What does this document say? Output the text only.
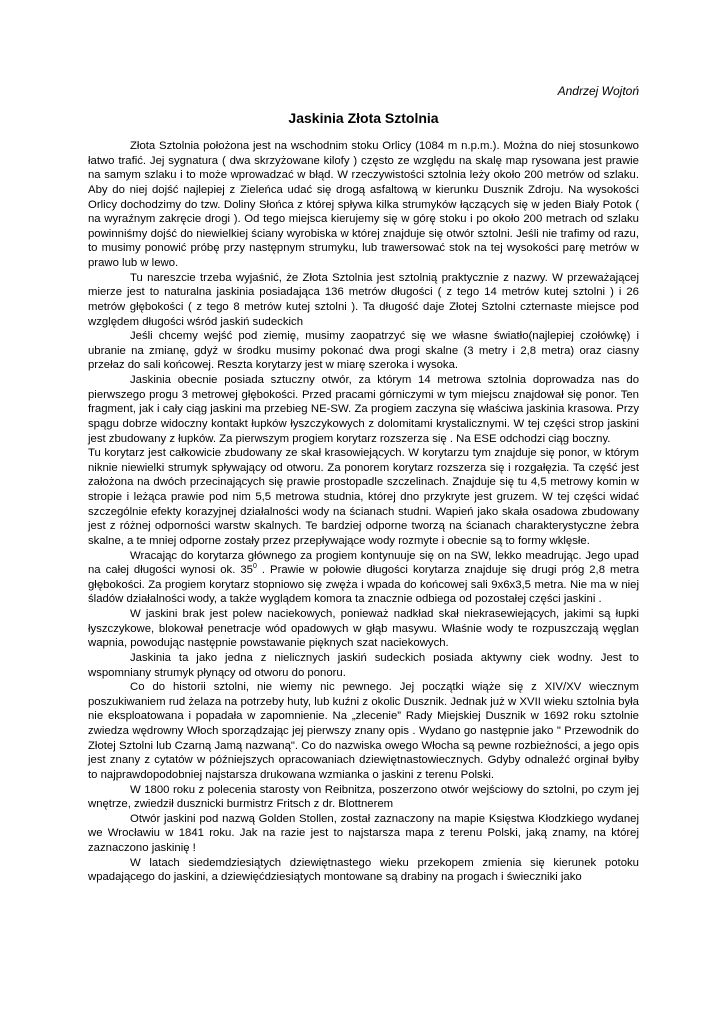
Andrzej Wojtoń

Jaskinia Złota Sztolnia

Złota Sztolnia położona jest na wschodnim stoku Orlicy (1084 m n.p.m.). Można do niej stosunkowo łatwo trafić. Jej sygnatura ( dwa skrzyżowane kilofy ) często ze względu na skalę map rysowana jest prawie na samym szlaku i to może wprowadzać w błąd. W rzeczywistości sztolnia leży około 200 metrów od szlaku. Aby do niej dojść najlepiej z Zieleńca udać się drogą asfaltową w kierunku Dusznik Zdroju. Na wysokości Orlicy dochodzimy do tzw. Doliny Słońca z której spływa kilka strumyków łączących się w jeden Biały Potok ( na wyraźnym zakręcie drogi ). Od tego miejsca kierujemy się w górę stoku i po około 200 metrach od szlaku powinniśmy dojść do niewielkiej ściany wyrobiska w której znajduje się otwór sztolni. Jeśli nie trafimy od razu, to musimy ponowić próbę przy następnym strumyku, lub trawersować stok na tej wysokości parę metrów w prawo lub w lewo.

Tu nareszcie trzeba wyjaśnić, że Złota Sztolnia jest sztolnią praktycznie z nazwy. W przeważającej mierze jest to naturalna jaskinia posiadająca 136 metrów długości ( z tego 14 metrów kutej sztolni ) i 26 metrów głębokości ( z tego 8 metrów kutej sztolni ). Ta długość daje Złotej Sztolni czternaste miejsce pod względem długości wśród jaskiń sudeckich

Jeśli chcemy wejść pod ziemię, musimy zaopatrzyć się we własne światło(najlepiej czołówkę) i ubranie na zmianę, gdyż w środku musimy pokonać dwa progi skalne (3 metry i 2,8 metra) oraz ciasny przełaz do sali końcowej. Reszta korytarzy jest w miarę szeroka i wysoka.

Jaskinia obecnie posiada sztuczny otwór, za którym 14 metrowa sztolnia doprowadza nas do pierwszego progu 3 metrowej głębokości. Przed pracami górniczymi w tym miejscu znajdował się ponor. Ten fragment, jak i cały ciąg jaskini ma przebieg NE-SW. Za progiem zaczyna się właściwa jaskinia krasowa. Przy spągu dobrze widoczny kontakt łupków łyszczykowych z dolomitami krystalicznymi. W tej części strop jaskini jest zbudowany z łupków. Za pierwszym progiem korytarz rozszerza się . Na ESE odchodzi ciąg boczny.

Tu korytarz jest całkowicie zbudowany ze skał krasowiejących. W korytarzu tym znajduje się ponor, w którym niknie niewielki strumyk spływający od otworu. Za ponorem korytarz rozszerza się i rozgałęzia. Ta część jest założona na dwóch przecinających się prawie prostopadle szczelinach. Znajduje się tu 4,5 metrowy komin w stropie i leżąca prawie pod nim 5,5 metrowa studnia, której dno przykryte jest gruzem. W tej części widać szczególnie efekty korazyjnej działalności wody na ścianach studni. Wapień jako skała osadowa zbudowany jest z różnej odporności warstw skalnych. Te bardziej odporne tworzą na ścianach charakterystyczne żebra skalne, a te mniej odporne zostały przez przepływające wody rozmyte i obecnie są to formy wklęsłe.

Wracając do korytarza głównego za progiem kontynuuje się on na SW, lekko meadrując. Jego upad na całej długości wynosi ok. $35^0$ . Prawie w połowie długości korytarza znajduje się drugi próg 2,8 metra głębokości. Za progiem korytarz stopniowo się zwęża i wpada do końcowej sali 9x6x3,5 metra. Nie ma w niej śladów działalności wody, a także wyglądem komora ta znacznie odbiega od pozostałej części jaskini .

W jaskini brak jest polew naciekowych, ponieważ nadkład skał niekrasewiejących, jakimi są łupki łyszczykowe, blokował penetracje wód opadowych w głąb masywu. Właśnie wody te rozpuszczają węglan wapnia, powodując następnie powstawanie pięknych szat naciekowych.

Jaskinia ta jako jedna z nielicznych jaskiń sudeckich posiada aktywny ciek wodny. Jest to wspomniany strumyk płynący od otworu do ponoru.

Co do historii sztolni, nie wiemy nic pewnego. Jej początki wiąże się z XIV/XV wiecznym poszukiwaniem rud żelaza na potrzeby huty, lub kuźni z okolic Dusznik. Jednak już w XVII wieku sztolnia była nie eksploatowana i popadała w zapomnienie. Na „zlecenie” Rady Miejskiej Dusznik w 1692 roku sztolnie zwiedza wędrowny Włoch sporządzając jej pierwszy znany opis . Wydano go następnie jako " Przewodnik do Złotej Sztolni lub Czarną Jamą nazwaną". Co do nazwiska owego Włocha są pewne rozbieżności, a jego opis jest znany z cytatów w późniejszych opracowaniach dziewiętnastowiecznych. Gdyby odnaleźć orginał byłby to najprawdopodobniej najstarsza drukowana wzmianka o jaskini z terenu Polski.

W 1800 roku z polecenia starosty von Reibnitza, poszerzono otwór wejściowy do sztolni, po czym jej wnętrze, zwiedził dusznicki burmistrz Fritsch z dr. Blottnerem

Otwór jaskini pod nazwą Golden Stollen, został zaznaczony na mapie Księstwa Kłodzkiego wydanej we Wrocławiu w 1841 roku. Jak na razie jest to najstarsza mapa z terenu Polski, jaką znamy, na której zaznaczono jaskinię !

W latach siedemdziesiątych dziewiętnastego wieku przekopem zmienia się kierunek potoku wpadającego do jaskini, a dziewięćdziesiątych montowane są drabiny na progach i świeczniki jako
